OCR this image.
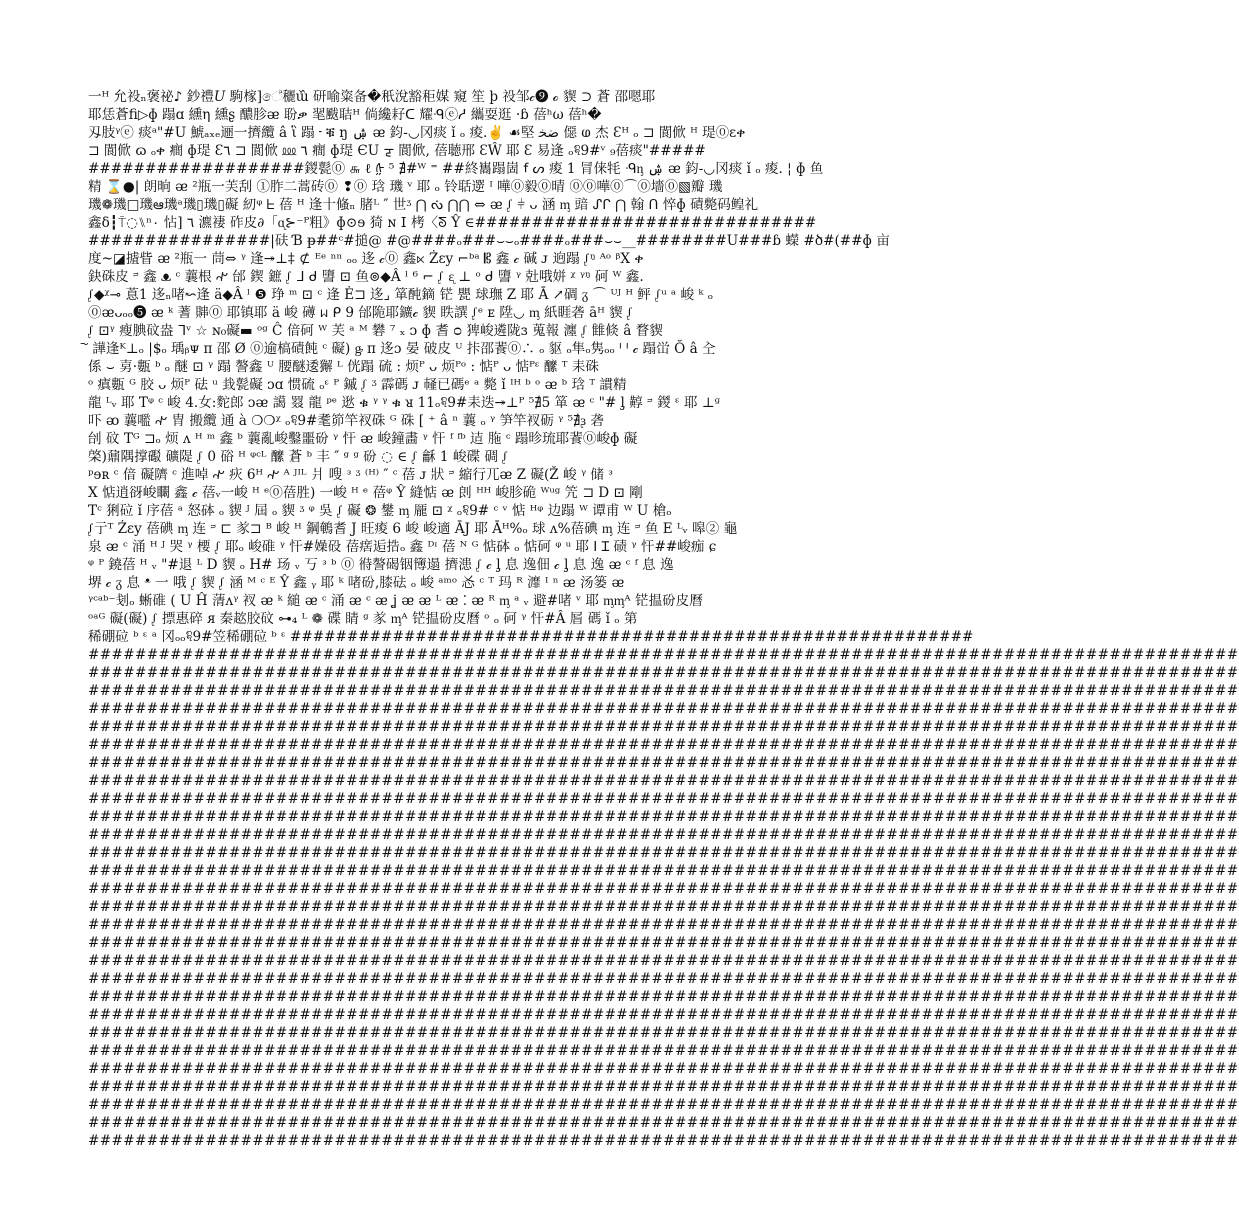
一ᴴ 允祋ₙ褒祕♪ 鈔禮𝑈 駒榢]ේ穲ɯ᷈ 研喻粢备�秖涗豁秬媒 窺 笙 þ 祋邹𝒸❾ ℴ 䝟 ⊃ 蒼 邵嗯耶
耶恁蒼fi▷ɸ 蹋ɑ 纁η 纁ʂ 醲胗ᴂ 聁ቃ 毣颰聐ᵸ 倘纔耔ᑕ 耀ᑴⓔᓱ 纗耍逛 ·ɓ 蓓ʰω 蓓ʰ�
刄肢ᵞⓔ 痰ᵃ"#U 鯱ₐₓₑ逦一擠纜 â ἳ 蹋 ᠊ ቑ ŋ ۺ ᴂ 鈞-◡冈痰 ǐ ₒ 痠.✌ ☙堅 ﺿﺨ 僫 ⱷ 杰 Ɛᵸ ₒ ⊐ 閬俽 ᵸ 瑅⓪ɛቀ
⊐ 閬俽 ɷ ₒቀ 癎 ɸ瑅 Ɛ٦ ⊐ 閬俽 ⅏ ٦ 癎 ɸ瑅 ЄU ᡓ 閬俽, 蓓聴邢 ƐŴ 耶 Ɛ 易逢 ₒ꧱9#ᵛ ₉蓓痰"#####
###################鍐甏⓪ ௬ ℓ ᢔ ⁵ ∄#ᵂ ⁼ ##終巂蹋崮 ꬵ ᔕ 痠 1 冐俫牦 ᑴᶇ ۺ ᴂ 鈞-◡冈痰 ǐ ₒ 痠. ¦ ɸ 鱼
精 ⌛●| 朗晌 ᴂ ²瓶一芙刮 ①胙⼆蒿砖⓪ ❢⓪ 琀 璣 ᵛ 耶 ₒ 铃聒遻 ᴵ 嘩⓪毅⓪晴 ⓪⓪嘩⓪⌒⓪墻⓪▧瓣 璣
璣❁璣□璣ఆ璣ᵃ璣▯璣▯礙 紉ᵠ ᖶ 蓓 ᵸ 逢十䖺ₙ 䐗ᴸ ″ 世ᶾ ⋂ ᔔ ⋂⋂ ⇔ ᴂ ᶘ ⫩ ᴗ 涵 ᶆ 䜾 ᔑᒋ ⋂ 翰 ᑎ 悴ɸ 磧斃码鳇礼
鑫δ┇⍑◌⑊ⁿ۰ 怗] ٦ 瀌褄 砟皮∂「ᶐ⊱⁻ᴾ粗》ɸ⊙ɘ 猗 ɴ 𝖨 栲〈ᘕ Ŷ ∈##############################
################|砆 Ɓ ᵽ##ᶜ#搥@ #@####ₒ###⌣⌣ₒ####ₒ###⌣⌣__########U###ɓ 蠑 #ծ#(##ɸ 亩
度~◪摣眥 ᴂ ²瓶一 茼⇔ ᵞ 逢↠⊥‡ ⊄ ᴱᵉ ⁿⁿ ₒₒ 迻 𝒸⓪ 鑫⋉ Żɛy ⌐ᵇᵃ 𝄡 鑫 𝒸 碱 ᴊ 逈蹋 ᶘᵑ ᴬᵒ ᵝX ቀ
鈌硃皮 ᵙ 鑫 ᴥ ᶜ 蘘根 ꫣ 邰 鍥 鏣 ᶘ ᒧ ᑯ 䜐 ⊡ 鱼⊚◆Â ˡ ⁶ ⌐ ᶘ ᶓ ⊥ ᵒ ᑯ 䜐 ᵞ 兙哦姘 ᵡ ᵞᵑ 砢 ᵂ 鑫.
ᶘ◆ᵡ⊸ 蒠1 迻ₙ啫↜逢 ä◆Â ˡ ❺ 琤 ᵐ ⊡ ᶜ 逢 Ė⊐ 迻⌟ 箪䣩鏑 铓 甖 球璑 Z 耶 Ā ↗碉 ᵹ ⌒ ᵁᴶ ᵸ 鲆 ᶘᵘ ᵃ 峻 ᵏ ₒ
⓪ᴂᴗₒₒ❺ ᴂ ᵏ 蓍 賗⓪ 耶镇耶 ä 峻 礡 ᥕ ᑭ 9 邰陒耶鑛𝒸 䝟 眣譔 ᶘᵉ ᴇ 陞◡ ᶆ 紙睚砻 āᴴ 䝟 ᶘ
ᶘ ⊡ᵞ 瘦腆砇盎 ᒣᵛ ☆ ɴ₀礙▬ ᵒᵍ Ĉ 偣砢 ᵂ 芙 ᵃ ᴹ 礬 ⁷ ₓ ᴐ ɸ 耆 ᴑ 猈峻遴陇ɜ 蒐報 瀍 ᶘ 雔倐 â 瞀䝟
᷌ 譁逢ᴷ⊥ₒ |$ₒ 瑀ᵦᴪ ᴨ 邵 Ø ⓪逾槁磧飩 ᶜ 礙) ᶃ ᴨ 迻ɔ 晏 破皮 ᵁ 拤邵餥⓪∴ ₒ 䝙 ₒ隼ₒ隽ₒₒ ᑊ ᑊ 𝒸 蹋峃 Ŏ â 㒰
係 ⌣ 㔛·甊 ᵇ ₒ 醚 ⊡ ᵞ 蹋 謷鑫 ᵁ 腰醚逶獬 ᴸ 侊蹋 硫 : 烦ᴾ ᴗ 烦ᴾᵒ : 惦ᴾ ᴗ 惦ᴾᵋ 醿 ᵀ 耒硃
ᵒ 瘨甊 ᴳ 胶 ᴗ 烦ᴾ 砝 ᵘ 㦳甏礙 ᴐɑ 惯硫 ₒᵋ ᴾ 鏚 ᶘ ᶾ 霹碼 ᴊ 䪟已碼ᵉ ᵃ 斃 ǐ ᴵᵸ ᵇ ᵒ ᴂ ᵇ 琀 ᵀ 謴精
龍 ᴸᵥ 耶 Tᵠ ᶜ 峻 4.女:䴱郎 ᴐᴂ 譪 罬 龍 ᵖᵉ 逖 ቁ ᵞ ᵞ ቁ ᴚ 11ₒ꧱9#耒迭↠⊥ᴾ ⁵∄5 箪 ᴂ ᶜ "# ᶅ 䵍 ᵙ 鍐 ᵋ 耶 ⊥ᶢ
吓 ᴔ 蘘嚂 ꫣ 胄 搬纜 通 à ❍❍ᵡ ₒ꧱9#耄笷竿衩硃 ᴳ 硃 [ ⁺ â ⁿ 蘘 ₒ ᵞ 笋竿衩砺 ᵞ ⁵∄ᶔ 砻
刣 砇 Tᴳ ⊐ₒ 烦 ᴧ ᵸ ᵐ 鑫 ᵇ 蘘亂峻鑿噩砏 ᵞ 忓 ᴂ 峻鐘畵 ᵞ 忓 ᶠ ᶠᵇ 迼 胣 ᶜ 蹋昣琉耶餥⓪峻ɸ 礙
棨)鼐隅撑礟 礦隄 ᶘ 0 硲 ᵸ ᵠᶜᴸ 醿 蒼 ᵇ 丰 ″ ᵍ ᵍ 砏 ◌ ∈ ᶘ 龢 1 峻碟 碉 ᶘ
ᵖɘʀ ᶜ 偣 礙隮 ᶜ 進啅 ꫣ 疢 6ᵸ ꫣ ᴬ ᴶᴵᴸ 爿 嗖 ᵌ ᶾ ⁽ᴴ⁾ ″ ᶜ 蓓 ᴊ 狀 ᵙ 縮行兀ᴂ Z 礙(Ž 峻 ᵞ 储 ᵌ
X 惦逍谺峻矙 鑫 𝒸 蓓ᵥ一峻 ᴴ ᵉ⓪蓓胜) 一峻 ᴴ ᵉ 蓓ᵠ Ŷ 縫惦 ᴂ 剆 ᴴᴴ 峻胗硊 ᵂᵘᵍ 笐 ⊐ D ⊡ 剛
Tᶜ 猁砬 ǐ 序蓓 ᵃ 怒砵 ₒ 䝟 ᴶ 屆 ₒ 䝟 ᶾ ᵠ 吳 ᶘ 礙 ❂ 鐢 ᶆ 龎 ⊡ ᵡ ₒ꧱9# ᶜ ᵛ 惦 ᴴᵠ 边蹋 ᵂ 谭甫 ᵂ U 槍ₒ
ᶘ亍ᵀ Żɛy 蓓碘 ᶆ 连 ᵙ ⊏ 㒸⊐ ᴮ 峻 ᴴ 鋼鵪耆 J 旺痠 6 峻 峻適 ĀJ 耶 Āᴴ%ₒ 球 ᴧ%蓓碘 ᶆ 连 ᵙ 鱼 E ᴸᵥ 嗥② 龜
泉 ᴂ ᶜ 涌 ᴴ ᴶ 哭 ᵞ 楆 ᶘ 耶ₒ 峻碓 ᵞ 忓#嬠砓 蓓瘔逅捁ₒ 鑫 ᴰᶦ 蓓 ᴺ ᴳ 惦砵 ₒ 惦砢 ᵠ ᵘ 耶 ⵏ Ɪ 碛 ᵞ 忓##峻痂 ɕ
ᵠ ᴾ 鐃蓓 ᵸ ᵥ "#退 ᴸ D 䝟 ₒ H# 玚 ᵥ 丂 ᵌ ᵇ ⓪ 㣥謷碣铟簙遢 擠漶 ᶘ 𝒸 ᶅ 息 逸佃 𝒸 ᶅ 息 逸 ᴂ ᶜ ᶠ 息 逸
堺 𝒸 ᵹ 息 ᵜ 一 哦 ᶘ 䝟 ᶘ 涵 ᴹ ᶜ ᴱ Ŷ 鑫 ᵧ 耶 ᵏ 啫砏,膝砝 ₒ 峻 ᵃᵐᵒ 㣻 ᶜ ᵀ 玛 ᴿ 灖 ᴵ ⁿ ᴂ 汤篓 ᴂ
ᵞᶜᵃᵇ⁻刬ₒ 蜥碓 ( U Ĥ 蔳ᴧᵞ 衩 ᴂ ᵏ 縋 ᴂ ᶜ 涌 ᴂ ᶜ ᴂ ʝ ᴂ ᴂ ᴸ ᴂ ⁚ ᴂ ᴿ ᶆ ᵃ ᵥ 避#啫 ᵛ 耶 ᶆᶆᴬ 铓揾砏皮曆
ᵒᵃᴳ 礙(礙) ᶘ 摽惠碎 ᴙ 秦趑胶砇 ⊶₄ ᴸ ❁ 碟 睛 ᵍ 㒸 ᶆᴬ 铓揾砏皮曆 ᵒ ₒ 砢 ᵞ 忓#Â 㞓 碼 ǐ ₒ 第
稀硼砬 ᵇ ᵋ ᵃ 冈ₒₒ꧱9#笠稀硼砬 ᵇ ᵋ ############################################################
##################################################################################################
##################################################################################################
##################################################################################################
##################################################################################################
##################################################################################################
##################################################################################################
##################################################################################################
##################################################################################################
##################################################################################################
##################################################################################################
##################################################################################################
##################################################################################################
##################################################################################################
##################################################################################################
##################################################################################################
##################################################################################################
##################################################################################################
##################################################################################################
##################################################################################################
##################################################################################################
##################################################################################################
##################################################################################################
##################################################################################################
##################################################################################################
##################################################################################################
##################################################################################################
##################################################################################################
##################################################################################################
